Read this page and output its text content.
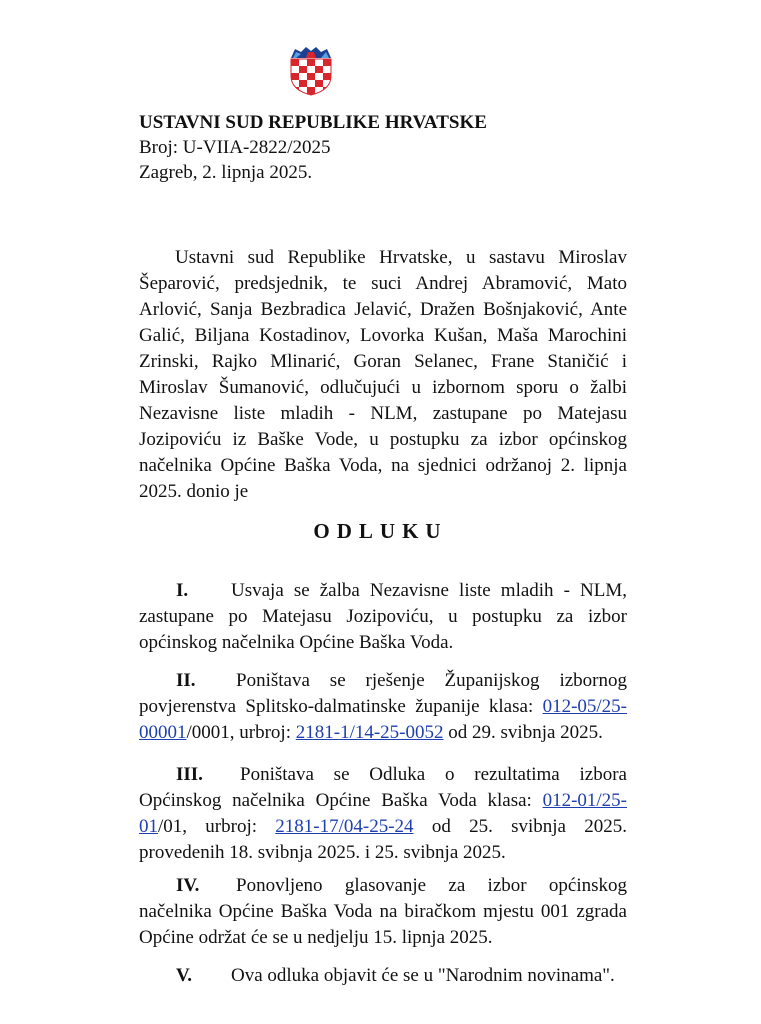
USTAVNI SUD REPUBLIKE HRVATSKE
Broj: U-VIIA-2822/2025
Zagreb, 2. lipnja 2025.
Ustavni sud Republike Hrvatske, u sastavu Miroslav Šeparović, predsjednik, te suci Andrej Abramović, Mato Arlović, Sanja Bezbradica Jelavić, Dražen Bošnjaković, Ante Galić, Biljana Kostadinov, Lovorka Kušan, Maša Marochini Zrinski, Rajko Mlinarić, Goran Selanec, Frane Staničić i Miroslav Šumanović, odlučujući u izbornom sporu o žalbi Nezavisne liste mladih - NLM, zastupane po Matejasu Jozipoviću iz Baške Vode, u postupku za izbor općinskog načelnika Općine Baška Voda, na sjednici održanoj 2. lipnja 2025. donio je
ODLUKU
I. Usvaja se žalba Nezavisne liste mladih - NLM, zastupane po Matejasu Jozipoviću, u postupku za izbor općinskog načelnika Općine Baška Voda.
II. Poništava se rješenje Županijskog izbornog povjerenstva Splitsko-dalmatinske županije klasa: 012-05/25-00001/0001, urbroj: 2181-1/14-25-0052 od 29. svibnja 2025.
III. Poništava se Odluka o rezultatima izbora Općinskog načelnika Općine Baška Voda klasa: 012-01/25-01/01, urbroj: 2181-17/04-25-24 od 25. svibnja 2025. provedenih 18. svibnja 2025. i 25. svibnja 2025.
IV. Ponovljeno glasovanje za izbor općinskog načelnika Općine Baška Voda na biračkom mjestu 001 zgrada Općine održat će se u nedjelju 15. lipnja 2025.
V. Ova odluka objavit će se u "Narodnim novinama".
